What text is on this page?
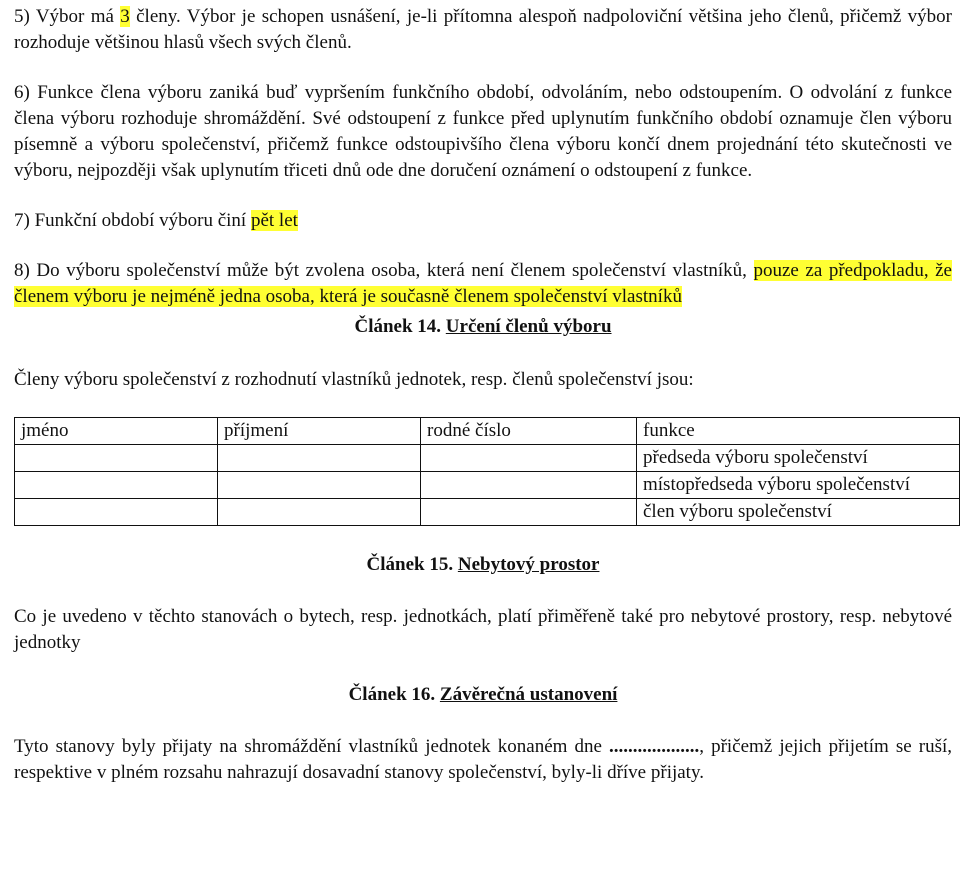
5) Výbor má 3 členy. Výbor je schopen usnášení, je-li přítomna alespoň nadpoloviční většina jeho členů, přičemž výbor rozhoduje většinou hlasů všech svých členů.

6) Funkce člena výboru zaniká buď vypršením funkčního období, odvoláním, nebo odstoupením. O odvolání z funkce člena výboru rozhoduje shromáždění. Své odstoupení z funkce před uplynutím funkčního období oznamuje člen výboru písemně a výboru společenství, přičemž funkce odstoupivšího člena výboru končí dnem projednání této skutečnosti ve výboru, nejpozději však uplynutím třiceti dnů ode dne doručení oznámení o odstoupení z funkce.

7) Funkční období výboru činí pět let

8) Do výboru společenství může být zvolena osoba, která není členem společenství vlastníků, pouze za předpokladu, že členem výboru je nejméně jedna osoba, která je současně členem společenství vlastníků

Článek 14. Určení členů výboru

Členy výboru společenství z rozhodnutí vlastníků jednotek, resp. členů společenství jsou:

jméno	příjmení	rodné číslo	funkce
			předseda výboru společenství
			místopředseda výboru společenství
			člen výboru společenství
Článek 15. Nebytový prostor

Co je uvedeno v těchto stanovách o bytech, resp. jednotkách, platí přiměřeně také pro nebytové prostory, resp. nebytové jednotky

Článek 16. Závěrečná ustanovení

Tyto stanovy byly přijaty na shromáždění vlastníků jednotek konaném dne ..................., přičemž jejich přijetím se ruší, respektive v plném rozsahu nahrazují dosavadní stanovy společenství, byly-li dříve přijaty.
